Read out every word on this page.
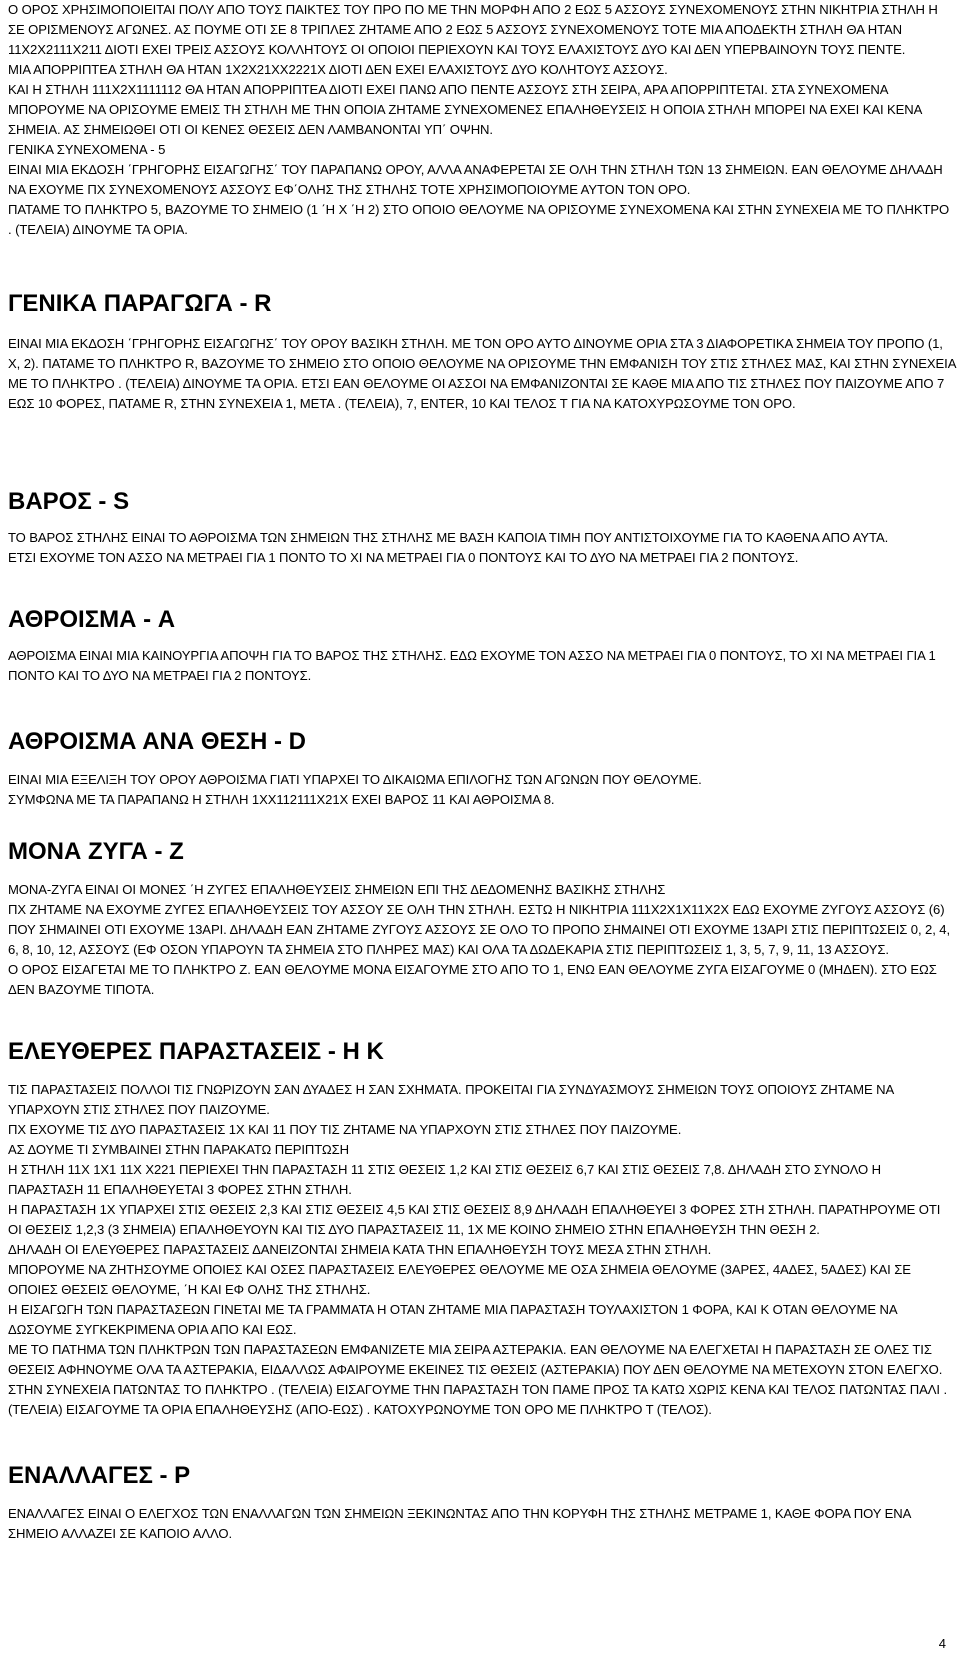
Ο ΟΡΟΣ ΧΡΗΣΙΜΟΠΟΙΕΙΤΑΙ ΠΟΛΥ ΑΠΟ ΤΟΥΣ ΠΑΙΚΤΕΣ ΤΟΥ ΠΡΟ ΠΟ ΜΕ ΤΗΝ ΜΟΡΦΗ ΑΠΟ 2 ΕΩΣ 5 ΑΣΣΟΥΣ ΣΥΝΕΧΟΜΕΝΟΥΣ ΣΤΗΝ ΝΙΚΗΤΡΙΑ ΣΤΗΛΗ Η ΣΕ ΟΡΙΣΜΕΝΟΥΣ ΑΓΩΝΕΣ. ΑΣ ΠΟΥΜΕ ΟΤΙ ΣΕ 8 ΤΡΙΠΛΕΣ ΖΗΤΑΜΕ ΑΠΟ 2 ΕΩΣ 5 ΑΣΣΟΥΣ ΣΥΝΕΧΟΜΕΝΟΥΣ ΤΟΤΕ ΜΙΑ ΑΠΟΔΕΚΤΗ ΣΤΗΛΗ ΘΑ ΗΤΑΝ 11Χ2Χ2111Χ211 ΔΙΟΤΙ ΕΧΕΙ ΤΡΕΙΣ ΑΣΣΟΥΣ ΚΟΛΛΗΤΟΥΣ ΟΙ ΟΠΟΙΟΙ ΠΕΡΙΕΧΟΥΝ ΚΑΙ ΤΟΥΣ ΕΛΑΧΙΣΤΟΥΣ ΔΥΟ ΚΑΙ ΔΕΝ ΥΠΕΡΒΑΙΝΟΥΝ ΤΟΥΣ ΠΕΝΤΕ.

ΜΙΑ ΑΠΟΡΡΙΠΤΕΑ ΣΤΗΛΗ ΘΑ ΗΤΑΝ 1Χ2Χ21ΧΧ2221Χ ΔΙΟΤΙ ΔΕΝ ΕΧΕΙ ΕΛΑΧΙΣΤΟΥΣ ΔΥΟ ΚΟΛΗΤΟΥΣ ΑΣΣΟΥΣ.

ΚΑΙ Η ΣΤΗΛΗ 111Χ2Χ1111112 ΘΑ ΗΤΑΝ ΑΠΟΡΡΙΠΤΕΑ ΔΙΟΤΙ ΕΧΕΙ ΠΑΝΩ ΑΠΟ ΠΕΝΤΕ ΑΣΣΟΥΣ ΣΤΗ ΣΕΙΡΑ, ΑΡΑ ΑΠΟΡΡΙΠΤΕΤΑΙ. ΣΤΑ ΣΥΝΕΧΟΜΕΝΑ ΜΠΟΡΟΥΜΕ ΝΑ ΟΡΙΣΟΥΜΕ ΕΜΕΙΣ ΤΗ ΣΤΗΛΗ ΜΕ ΤΗΝ ΟΠΟΙΑ ΖΗΤΑΜΕ ΣΥΝΕΧΟΜΕΝΕΣ ΕΠΑΛΗΘΕΥΣΕΙΣ Η ΟΠΟΙΑ ΣΤΗΛΗ ΜΠΟΡΕΙ ΝΑ ΕΧΕΙ ΚΑΙ ΚΕΝΑ ΣΗΜΕΙΑ. ΑΣ ΣΗΜΕΙΩΘΕΙ ΟΤΙ ΟΙ ΚΕΝΕΣ ΘΕΣΕΙΣ ΔΕΝ ΛΑΜΒΑΝΟΝΤΑΙ ΥΠ΄ ΟΨΗΝ.

ΓΕΝΙΚΑ ΣΥΝΕΧΟΜΕΝΑ - 5

ΕΙΝΑΙ ΜΙΑ ΕΚΔΟΣΗ ΄ΓΡΗΓΟΡΗΣ ΕΙΣΑΓΩΓΗΣ΄ ΤΟΥ ΠΑΡΑΠΑΝΩ ΟΡΟΥ, ΑΛΛΑ ΑΝΑΦΕΡΕΤΑΙ ΣΕ ΟΛΗ ΤΗΝ ΣΤΗΛΗ ΤΩΝ 13 ΣΗΜΕΙΩΝ. ΕΑΝ ΘΕΛΟΥΜΕ ΔΗΛΑΔΗ ΝΑ ΕΧΟΥΜΕ ΠΧ ΣΥΝΕΧΟΜΕΝΟΥΣ ΑΣΣΟΥΣ ΕΦ΄ΟΛΗΣ ΤΗΣ ΣΤΗΛΗΣ ΤΟΤΕ ΧΡΗΣΙΜΟΠΟΙΟΥΜΕ ΑΥΤΟΝ ΤΟΝ ΟΡΟ.

ΠΑΤΑΜΕ ΤΟ ΠΛΗΚΤΡΟ 5, ΒΑΖΟΥΜΕ ΤΟ ΣΗΜΕΙΟ (1 ΄Η Χ ΄Η 2) ΣΤΟ ΟΠΟΙΟ ΘΕΛΟΥΜΕ ΝΑ ΟΡΙΣΟΥΜΕ ΣΥΝΕΧΟΜΕΝΑ ΚΑΙ ΣΤΗΝ ΣΥΝΕΧΕΙΑ ΜΕ ΤΟ ΠΛΗΚΤΡΟ . (ΤΕΛΕΙΑ) ΔΙΝΟΥΜΕ ΤΑ ΟΡΙΑ.

ΓΕΝΙΚΑ ΠΑΡΑΓΩΓΑ - R

ΕΙΝΑΙ ΜΙΑ ΕΚΔΟΣΗ ΄ΓΡΗΓΟΡΗΣ ΕΙΣΑΓΩΓΗΣ΄ ΤΟΥ ΟΡΟΥ ΒΑΣΙΚΗ ΣΤΗΛΗ. ΜΕ ΤΟΝ ΟΡΟ ΑΥΤΟ ΔΙΝΟΥΜΕ ΟΡΙΑ ΣΤΑ 3 ΔΙΑΦΟΡΕΤΙΚΑ ΣΗΜΕΙΑ ΤΟΥ ΠΡΟΠΟ (1, Χ, 2). ΠΑΤΑΜΕ ΤΟ ΠΛΗΚΤΡΟ R, ΒΑΖΟΥΜΕ ΤΟ ΣΗΜΕΙΟ ΣΤΟ ΟΠΟΙΟ ΘΕΛΟΥΜΕ ΝΑ ΟΡΙΣΟΥΜΕ ΤΗΝ ΕΜΦΑΝΙΣΗ ΤΟΥ ΣΤΙΣ ΣΤΗΛΕΣ ΜΑΣ, ΚΑΙ ΣΤΗΝ ΣΥΝΕΧΕΙΑ ΜΕ ΤΟ ΠΛΗΚΤΡΟ . (ΤΕΛΕΙΑ) ΔΙΝΟΥΜΕ ΤΑ ΟΡΙΑ. ΕΤΣΙ ΕΑΝ ΘΕΛΟΥΜΕ ΟΙ ΑΣΣΟΙ ΝΑ ΕΜΦΑΝΙΖΟΝΤΑΙ ΣΕ ΚΑΘΕ ΜΙΑ ΑΠΟ ΤΙΣ ΣΤΗΛΕΣ ΠΟΥ ΠΑΙΖΟΥΜΕ ΑΠΟ 7 ΕΩΣ 10 ΦΟΡΕΣ, ΠΑΤΑΜΕ R, ΣΤΗΝ ΣΥΝΕΧΕΙΑ 1, ΜΕΤΑ . (ΤΕΛΕΙΑ), 7, ENTER, 10 ΚΑΙ ΤΕΛΟΣ Τ ΓΙΑ ΝΑ ΚΑΤΟΧΥΡΩΣΟΥΜΕ ΤΟΝ ΟΡΟ.

ΒΑΡΟΣ - S

ΤΟ ΒΑΡΟΣ ΣΤΗΛΗΣ ΕΙΝΑΙ ΤΟ ΑΘΡΟΙΣΜΑ ΤΩΝ ΣΗΜΕΙΩΝ ΤΗΣ ΣΤΗΛΗΣ ΜΕ ΒΑΣΗ ΚΑΠΟΙΑ ΤΙΜΗ ΠΟΥ ΑΝΤΙΣΤΟΙΧΟΥΜΕ ΓΙΑ ΤΟ ΚΑΘΕΝΑ ΑΠΟ ΑΥΤΑ.

ΕΤΣΙ ΕΧΟΥΜΕ ΤΟΝ ΑΣΣΟ ΝΑ ΜΕΤΡΑΕΙ ΓΙΑ 1 ΠΟΝΤΟ ΤΟ ΧΙ ΝΑ ΜΕΤΡΑΕΙ ΓΙΑ 0 ΠΟΝΤΟΥΣ ΚΑΙ ΤΟ ΔΥΟ ΝΑ ΜΕΤΡΑΕΙ ΓΙΑ 2 ΠΟΝΤΟΥΣ.

ΑΘΡΟΙΣΜΑ - A

ΑΘΡΟΙΣΜΑ ΕΙΝΑΙ ΜΙΑ ΚΑΙΝΟΥΡΓΙΑ ΑΠΟΨΗ ΓΙΑ ΤΟ ΒΑΡΟΣ ΤΗΣ ΣΤΗΛΗΣ. ΕΔΩ ΕΧΟΥΜΕ ΤΟΝ ΑΣΣΟ ΝΑ ΜΕΤΡΑΕΙ ΓΙΑ 0 ΠΟΝΤΟΥΣ, ΤΟ ΧΙ ΝΑ ΜΕΤΡΑΕΙ ΓΙΑ 1 ΠΟΝΤΟ ΚΑΙ ΤΟ ΔΥΟ ΝΑ ΜΕΤΡΑΕΙ ΓΙΑ 2 ΠΟΝΤΟΥΣ.

ΑΘΡΟΙΣΜΑ ΑΝΑ ΘΕΣΗ - D

ΕΙΝΑΙ ΜΙΑ ΕΞΕΛΙΞΗ ΤΟΥ ΟΡΟΥ ΑΘΡΟΙΣΜΑ ΓΙΑΤΙ ΥΠΑΡΧΕΙ ΤΟ ΔΙΚΑΙΩΜΑ ΕΠΙΛΟΓΗΣ ΤΩΝ ΑΓΩΝΩΝ ΠΟΥ ΘΕΛΟΥΜΕ.

ΣΥΜΦΩΝΑ ΜΕ ΤΑ ΠΑΡΑΠΑΝΩ Η ΣΤΗΛΗ 1ΧΧ112111Χ21Χ ΕΧΕΙ ΒΑΡΟΣ 11 ΚΑΙ ΑΘΡΟΙΣΜΑ 8.

ΜΟΝΑ ΖΥΓΑ - Z

ΜΟΝΑ-ΖΥΓΑ ΕΙΝΑΙ ΟΙ ΜΟΝΕΣ ΄Η ΖΥΓΕΣ ΕΠΑΛΗΘΕΥΣΕΙΣ ΣΗΜΕΙΩΝ ΕΠΙ ΤΗΣ ΔΕΔΟΜΕΝΗΣ ΒΑΣΙΚΗΣ ΣΤΗΛΗΣ

ΠΧ ΖΗΤΑΜΕ ΝΑ ΕΧΟΥΜΕ ΖΥΓΕΣ ΕΠΑΛΗΘΕΥΣΕΙΣ ΤΟΥ ΑΣΣΟΥ ΣΕ ΟΛΗ ΤΗΝ ΣΤΗΛΗ. ΕΣΤΩ Η ΝΙΚΗΤΡΙΑ 111Χ2Χ1Χ11Χ2Χ ΕΔΩ ΕΧΟΥΜΕ ΖΥΓΟΥΣ ΑΣΣΟΥΣ (6) ΠΟΥ ΣΗΜΑΙΝΕΙ ΟΤΙ ΕΧΟΥΜΕ 13ΑΡΙ. ΔΗΛΑΔΗ ΕΑΝ ΖΗΤΑΜΕ ΖΥΓΟΥΣ ΑΣΣΟΥΣ ΣΕ ΟΛΟ ΤΟ ΠΡΟΠΟ ΣΗΜΑΙΝΕΙ ΟΤΙ ΕΧΟΥΜΕ 13ΑΡΙ ΣΤΙΣ ΠΕΡΙΠΤΩΣΕΙΣ 0, 2, 4, 6, 8, 10, 12, ΑΣΣΟΥΣ (ΕΦ ΟΣΟΝ ΥΠΑΡΟΥΝ ΤΑ ΣΗΜΕΙΑ ΣΤΟ ΠΛΗΡΕΣ ΜΑΣ) ΚΑΙ ΟΛΑ ΤΑ ΔΩΔΕΚΑΡΙΑ ΣΤΙΣ ΠΕΡΙΠΤΩΣΕΙΣ 1, 3, 5, 7, 9, 11, 13 ΑΣΣΟΥΣ.

Ο ΟΡΟΣ ΕΙΣΑΓΕΤΑΙ ΜΕ ΤΟ ΠΛΗΚΤΡΟ Ζ. ΕΑΝ ΘΕΛΟΥΜΕ ΜΟΝΑ ΕΙΣΑΓΟΥΜΕ ΣΤΟ ΑΠΟ ΤΟ 1, ΕΝΩ ΕΑΝ ΘΕΛΟΥΜΕ ΖΥΓΑ ΕΙΣΑΓΟΥΜΕ 0 (ΜΗΔΕΝ). ΣΤΟ ΕΩΣ ΔΕΝ ΒΑΖΟΥΜΕ ΤΙΠΟΤΑ.

ΕΛΕΥΘΕΡΕΣ ΠΑΡΑΣΤΑΣΕΙΣ - H K

ΤΙΣ ΠΑΡΑΣΤΑΣΕΙΣ ΠΟΛΛΟΙ ΤΙΣ ΓΝΩΡΙΖΟΥΝ ΣΑΝ ΔΥΑΔΕΣ Η ΣΑΝ ΣΧΗΜΑΤΑ. ΠΡΟΚΕΙΤΑΙ ΓΙΑ ΣΥΝΔΥΑΣΜΟΥΣ ΣΗΜΕΙΩΝ ΤΟΥΣ ΟΠΟΙΟΥΣ ΖΗΤΑΜΕ ΝΑ ΥΠΑΡΧΟΥΝ ΣΤΙΣ ΣΤΗΛΕΣ ΠΟΥ ΠΑΙΖΟΥΜΕ.

ΠΧ ΕΧΟΥΜΕ ΤΙΣ ΔΥΟ ΠΑΡΑΣΤΑΣΕΙΣ 1Χ ΚΑΙ 11 ΠΟΥ ΤΙΣ ΖΗΤΑΜΕ ΝΑ ΥΠΑΡΧΟΥΝ ΣΤΙΣ ΣΤΗΛΕΣ ΠΟΥ ΠΑΙΖΟΥΜΕ.

ΑΣ ΔΟΥΜΕ ΤΙ ΣΥΜΒΑΙΝΕΙ ΣΤΗΝ ΠΑΡΑΚΑΤΩ ΠΕΡΙΠΤΩΣΗ

Η ΣΤΗΛΗ 11Χ 1Χ1 11Χ Χ221 ΠΕΡΙΕΧΕΙ ΤΗΝ ΠΑΡΑΣΤΑΣΗ 11 ΣΤΙΣ ΘΕΣΕΙΣ 1,2 ΚΑΙ ΣΤΙΣ ΘΕΣΕΙΣ 6,7 ΚΑΙ ΣΤΙΣ ΘΕΣΕΙΣ 7,8. ΔΗΛΑΔΗ ΣΤΟ ΣΥΝΟΛΟ Η ΠΑΡΑΣΤΑΣΗ 11 ΕΠΑΛΗΘΕΥΕΤΑΙ 3 ΦΟΡΕΣ ΣΤΗΝ ΣΤΗΛΗ.

Η ΠΑΡΑΣΤΑΣΗ 1Χ ΥΠΑΡΧΕΙ ΣΤΙΣ ΘΕΣΕΙΣ 2,3 ΚΑΙ ΣΤΙΣ ΘΕΣΕΙΣ 4,5 ΚΑΙ ΣΤΙΣ ΘΕΣΕΙΣ 8,9 ΔΗΛΑΔΗ ΕΠΑΛΗΘΕΥΕΙ 3 ΦΟΡΕΣ ΣΤΗ ΣΤΗΛΗ. ΠΑΡΑΤΗΡΟΥΜΕ ΟΤΙ ΟΙ ΘΕΣΕΙΣ 1,2,3 (3 ΣΗΜΕΙΑ) ΕΠΑΛΗΘΕΥΟΥΝ ΚΑΙ ΤΙΣ ΔΥΟ ΠΑΡΑΣΤΑΣΕΙΣ 11, 1Χ ΜΕ ΚΟΙΝΟ ΣΗΜΕΙΟ ΣΤΗΝ ΕΠΑΛΗΘΕΥΣΗ ΤΗΝ ΘΕΣΗ 2.

ΔΗΛΑΔΗ ΟΙ ΕΛΕΥΘΕΡΕΣ ΠΑΡΑΣΤΑΣΕΙΣ ΔΑΝΕΙΖΟΝΤΑΙ ΣΗΜΕΙΑ ΚΑΤΑ ΤΗΝ ΕΠΑΛΗΘΕΥΣΗ ΤΟΥΣ ΜΕΣΑ ΣΤΗΝ ΣΤΗΛΗ.

ΜΠΟΡΟΥΜΕ ΝΑ ΖΗΤΗΣΟΥΜΕ ΟΠΟΙΕΣ ΚΑΙ ΟΣΕΣ ΠΑΡΑΣΤΑΣΕΙΣ ΕΛΕΥΘΕΡΕΣ ΘΕΛΟΥΜΕ ΜΕ ΟΣΑ ΣΗΜΕΙΑ ΘΕΛΟΥΜΕ (3ΑΡΕΣ, 4ΑΔΕΣ, 5ΑΔΕΣ) ΚΑΙ ΣΕ ΟΠΟΙΕΣ ΘΕΣΕΙΣ ΘΕΛΟΥΜΕ, ΄Η ΚΑΙ ΕΦ ΟΛΗΣ ΤΗΣ ΣΤΗΛΗΣ.

Η ΕΙΣΑΓΩΓΗ ΤΩΝ ΠΑΡΑΣΤΑΣΕΩΝ ΓΙΝΕΤΑΙ ΜΕ ΤΑ ΓΡΑΜΜΑΤΑ Η ΟΤΑΝ ΖΗΤΑΜΕ ΜΙΑ ΠΑΡΑΣΤΑΣΗ ΤΟΥΛΑΧΙΣΤΟΝ 1 ΦΟΡΑ, ΚΑΙ Κ ΟΤΑΝ ΘΕΛΟΥΜΕ ΝΑ ΔΩΣΟΥΜΕ ΣΥΓΚΕΚΡΙΜΕΝΑ ΟΡΙΑ ΑΠΟ ΚΑΙ ΕΩΣ.

ΜΕ ΤΟ ΠΑΤΗΜΑ ΤΩΝ ΠΛΗΚΤΡΩΝ ΤΩΝ ΠΑΡΑΣΤΑΣΕΩΝ ΕΜΦΑΝΙΖΕΤΕ ΜΙΑ ΣΕΙΡΑ ΑΣΤΕΡΑΚΙΑ. ΕΑΝ ΘΕΛΟΥΜΕ ΝΑ ΕΛΕΓΧΕΤΑΙ Η ΠΑΡΑΣΤΑΣΗ ΣΕ ΟΛΕΣ ΤΙΣ ΘΕΣΕΙΣ ΑΦΗΝΟΥΜΕ ΟΛΑ ΤΑ ΑΣΤΕΡΑΚΙΑ, ΕΙΔΑΛΛΩΣ ΑΦΑΙΡΟΥΜΕ ΕΚΕΙΝΕΣ ΤΙΣ ΘΕΣΕΙΣ (ΑΣΤΕΡΑΚΙΑ) ΠΟΥ ΔΕΝ ΘΕΛΟΥΜΕ ΝΑ ΜΕΤΕΧΟΥΝ ΣΤΟΝ ΕΛΕΓΧΟ. ΣΤΗΝ ΣΥΝΕΧΕΙΑ ΠΑΤΩΝΤΑΣ ΤΟ ΠΛΗΚΤΡΟ . (ΤΕΛΕΙΑ) ΕΙΣΑΓΟΥΜΕ ΤΗΝ ΠΑΡΑΣΤΑΣΗ ΤΟΝ ΠΑΜΕ ΠΡΟΣ ΤΑ ΚΑΤΩ ΧΩΡΙΣ ΚΕΝΑ ΚΑΙ ΤΕΛΟΣ ΠΑΤΩΝΤΑΣ ΠΑΛΙ . (ΤΕΛΕΙΑ) ΕΙΣΑΓΟΥΜΕ ΤΑ ΟΡΙΑ ΕΠΑΛΗΘΕΥΣΗΣ (ΑΠΟ-ΕΩΣ) . ΚΑΤΟΧΥΡΩΝΟΥΜΕ ΤΟΝ ΟΡΟ ΜΕ ΠΛΗΚΤΡΟ Τ (ΤΕΛΟΣ).

ΕΝΑΛΛΑΓΕΣ - P

ΕΝΑΛΛΑΓΕΣ ΕΙΝΑΙ Ο ΕΛΕΓΧΟΣ ΤΩΝ ΕΝΑΛΛΑΓΩΝ ΤΩΝ ΣΗΜΕΙΩΝ ΞΕΚΙΝΩΝΤΑΣ ΑΠΟ ΤΗΝ ΚΟΡΥΦΗ ΤΗΣ ΣΤΗΛΗΣ ΜΕΤΡΑΜΕ 1, ΚΑΘΕ ΦΟΡΑ ΠΟΥ ΕΝΑ ΣΗΜΕΙΟ ΑΛΛΑΖΕΙ ΣΕ ΚΑΠΟΙΟ ΑΛΛΟ.

4
